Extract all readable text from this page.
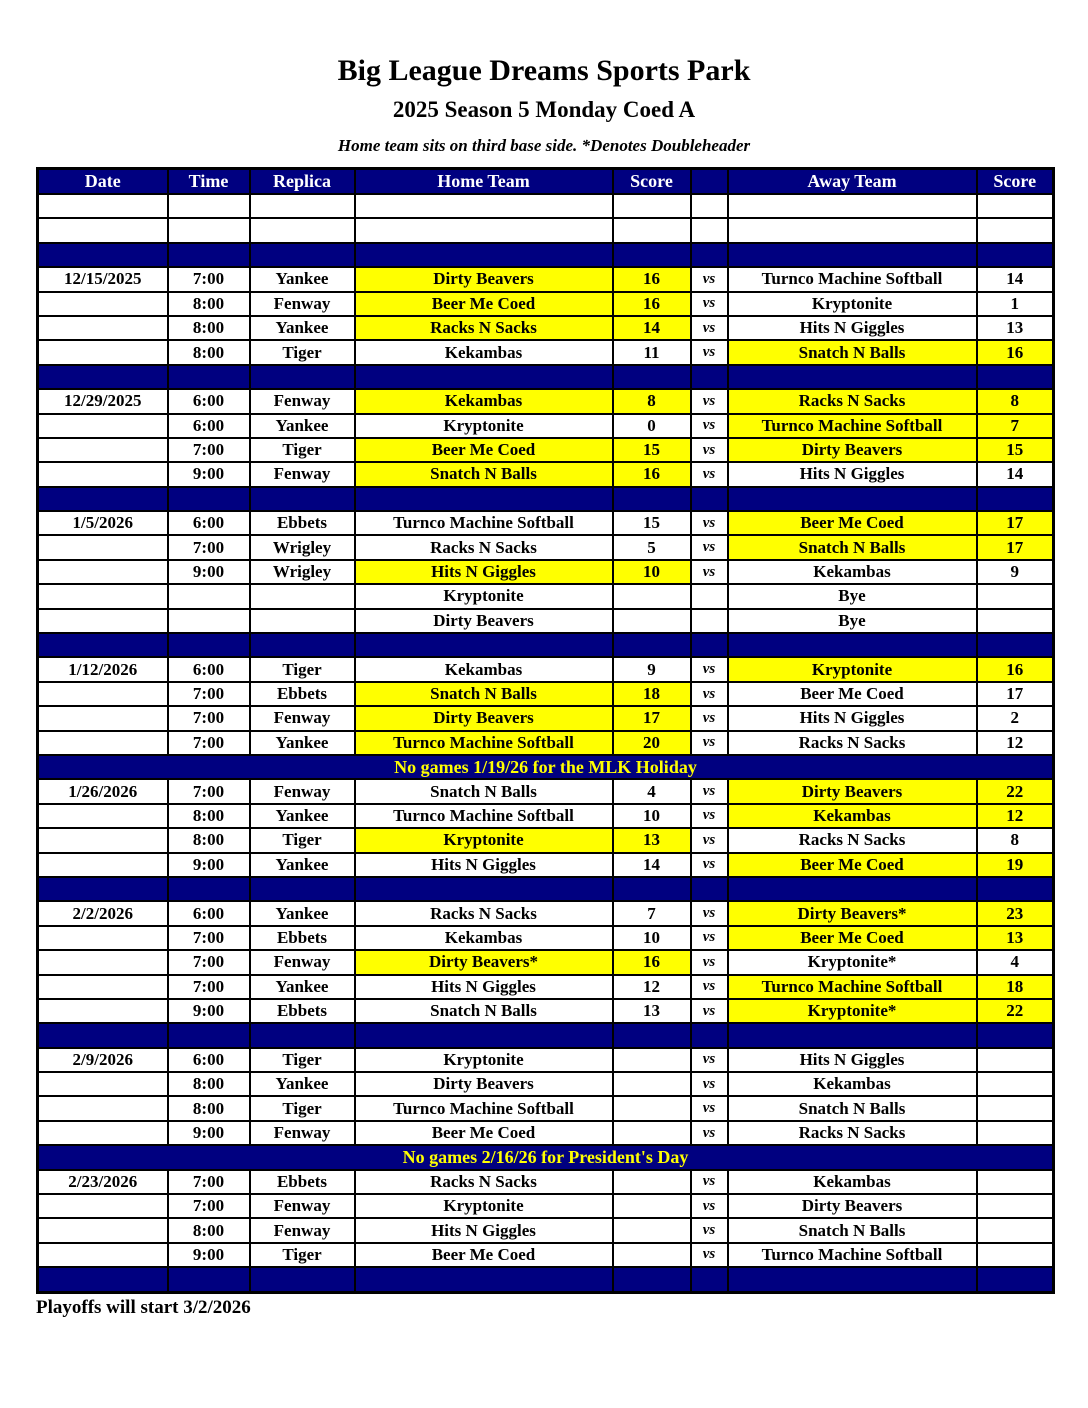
Big League Dreams Sports Park
2025 Season 5 Monday Coed A
Home team sits on third base side. *Denotes Doubleheader
Date	Time	Replica	Home Team	Score		Away Team	Score

12/15/2025	7:00	Yankee	Dirty Beavers	16	vs	Turnco Machine Softball	14
	8:00	Fenway	Beer Me Coed	16	vs	Kryptonite	1
	8:00	Yankee	Racks N Sacks	14	vs	Hits N Giggles	13
	8:00	Tiger	Kekambas	11	vs	Snatch N Balls	16

12/29/2025	6:00	Fenway	Kekambas	8	vs	Racks N Sacks	8
	6:00	Yankee	Kryptonite	0	vs	Turnco Machine Softball	7
	7:00	Tiger	Beer Me Coed	15	vs	Dirty Beavers	15
	9:00	Fenway	Snatch N Balls	16	vs	Hits N Giggles	14

1/5/2026	6:00	Ebbets	Turnco Machine Softball	15	vs	Beer Me Coed	17
	7:00	Wrigley	Racks N Sacks	5	vs	Snatch N Balls	17
	9:00	Wrigley	Hits N Giggles	10	vs	Kekambas	9
			Kryptonite			Bye	
			Dirty Beavers			Bye	

1/12/2026	6:00	Tiger	Kekambas	9	vs	Kryptonite	16
	7:00	Ebbets	Snatch N Balls	18	vs	Beer Me Coed	17
	7:00	Fenway	Dirty Beavers	17	vs	Hits N Giggles	2
	7:00	Yankee	Turnco Machine Softball	20	vs	Racks N Sacks	12
No games 1/19/26 for the MLK Holiday							
1/26/2026	7:00	Fenway	Snatch N Balls	4	vs	Dirty Beavers	22
	8:00	Yankee	Turnco Machine Softball	10	vs	Kekambas	12
	8:00	Tiger	Kryptonite	13	vs	Racks N Sacks	8
	9:00	Yankee	Hits N Giggles	14	vs	Beer Me Coed	19

2/2/2026	6:00	Yankee	Racks N Sacks	7	vs	Dirty Beavers*	23
	7:00	Ebbets	Kekambas	10	vs	Beer Me Coed	13
	7:00	Fenway	Dirty Beavers*	16	vs	Kryptonite*	4
	7:00	Yankee	Hits N Giggles	12	vs	Turnco Machine Softball	18
	9:00	Ebbets	Snatch N Balls	13	vs	Kryptonite*	22

2/9/2026	6:00	Tiger	Kryptonite		vs	Hits N Giggles	
	8:00	Yankee	Dirty Beavers		vs	Kekambas	
	8:00	Tiger	Turnco Machine Softball		vs	Snatch N Balls	
	9:00	Fenway	Beer Me Coed		vs	Racks N Sacks	
No games 2/16/26 for President's Day							
2/23/2026	7:00	Ebbets	Racks N Sacks		vs	Kekambas	
	7:00	Fenway	Kryptonite		vs	Dirty Beavers	
	8:00	Fenway	Hits N Giggles		vs	Snatch N Balls	
	9:00	Tiger	Beer Me Coed		vs	Turnco Machine Softball	

Playoffs will start 3/2/2026
